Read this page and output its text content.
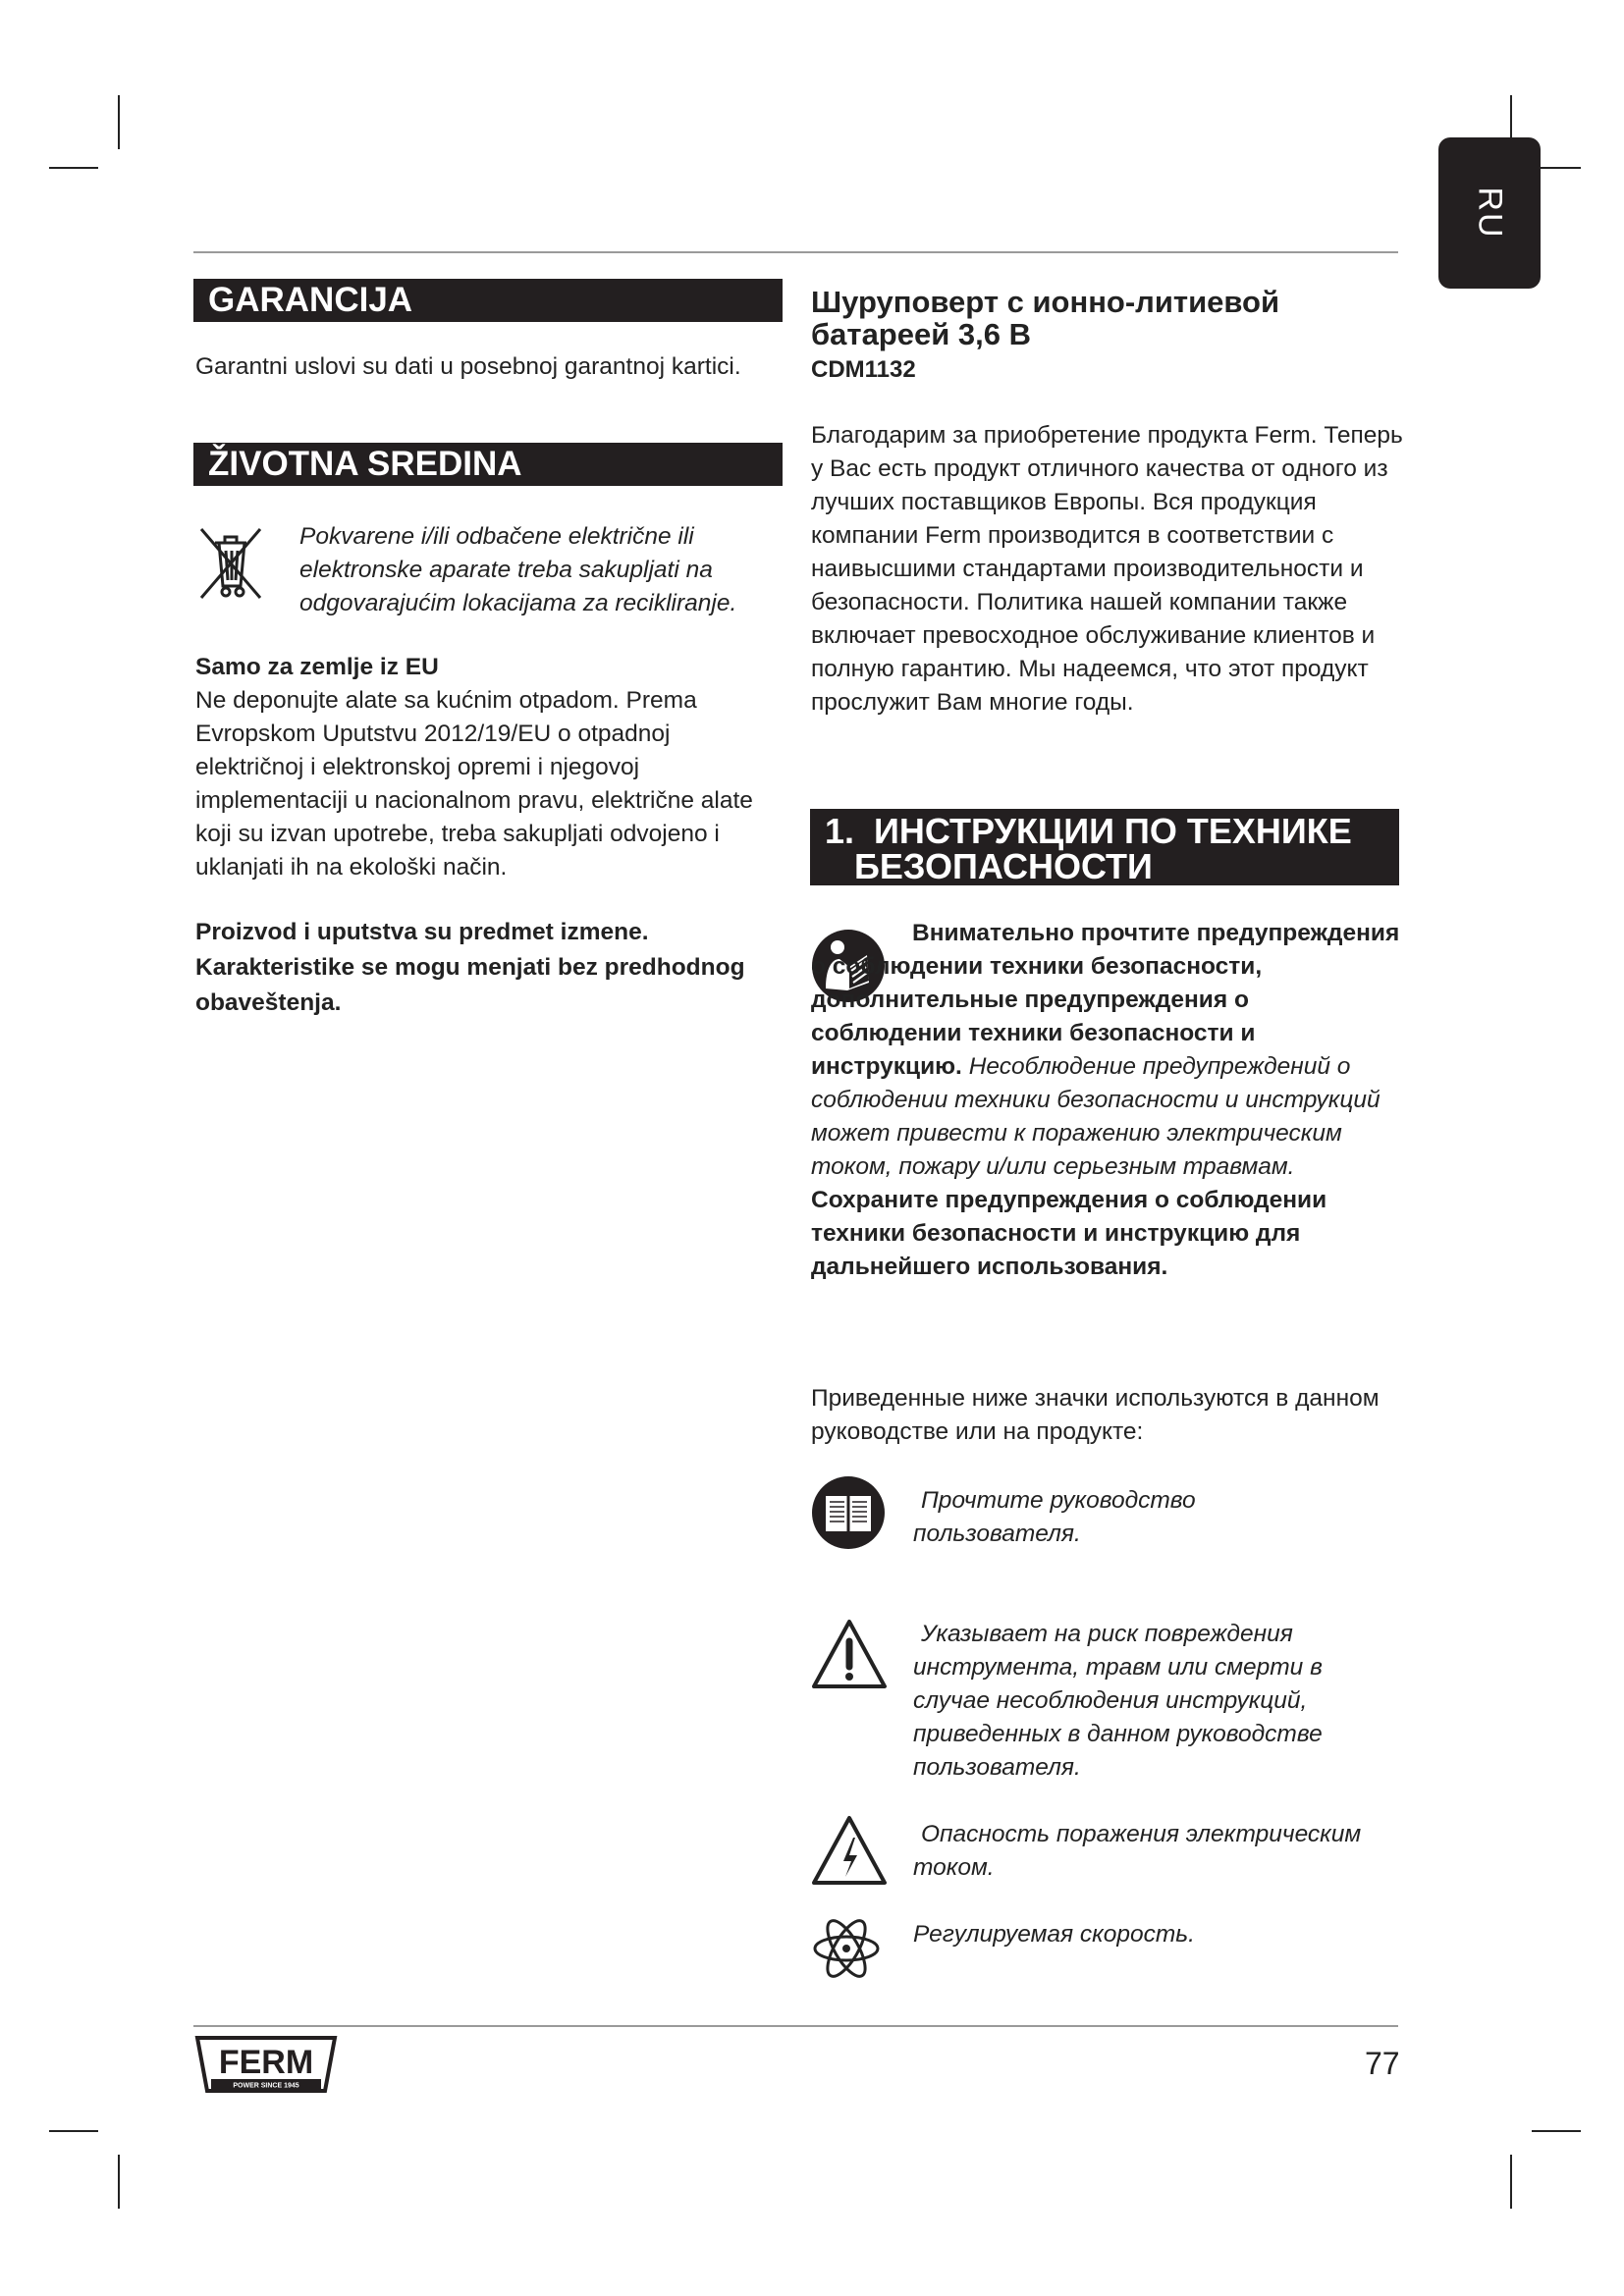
RU
GARANCIJA

Garantni uslovi su dati u posebnoj garantnoj kartici.

ŽIVOTNA SREDINA

Pokvarene i/ili odbačene električne ili elektronske aparate treba sakupljati na odgovarajućim lokacijama za recikliranje.

Samo za zemlje iz EU

Ne deponujte alate sa kućnim otpadom. Prema Evropskom Uputstvu 2012/19/EU o otpadnoj električnoj i elektronskoj opremi i njegovoj implementaciji u nacionalnom pravu, električne alate koji su izvan upotrebe, treba sakupljati odvojeno i uklanjati ih na ekološki način.

Proizvod i uputstva su predmet izmene. Karakteristike se mogu menjati bez predhodnog obaveštenja.

Шуруповерт с ионно-литиевой батареей 3,6 В
CDM1132

Благодарим за приобретение продукта Ferm. Теперь у Вас есть продукт отличного качества от одного из лучших поставщиков Европы. Вся продукция компании Ferm производится в соответствии с наивысшими стандартами производительности и безопасности. Политика нашей компании также включает превосходное обслуживание клиентов и полную гарантию. Мы надеемся, что этот продукт прослужит Вам многие годы.

1. ИНСТРУКЦИИ ПО ТЕХНИКЕ
БЕЗОПАСНОСТИ

Внимательно прочтите предупреждения о соблюдении техники безопасности, дополнительные предупреждения о соблюдении техники безопасности и инструкцию. Несоблюдение предупреждений о соблюдении техники безопасности и инструкций может привести к поражению электрическим током, пожару и/или серьезным травмам. Сохраните предупреждения о соблюдении техники безопасности и инструкцию для дальнейшего использования.

Приведенные ниже значки используются в данном руководстве или на продукте:

Прочтите руководство пользователя.

Указывает на риск повреждения инструмента, травм или смерти в случае несоблюдения инструкций, приведенных в данном руководстве пользователя.

Опасность поражения электрическим током.

Регулируемая скорость.

FERM
POWER SINCE 1945
77
